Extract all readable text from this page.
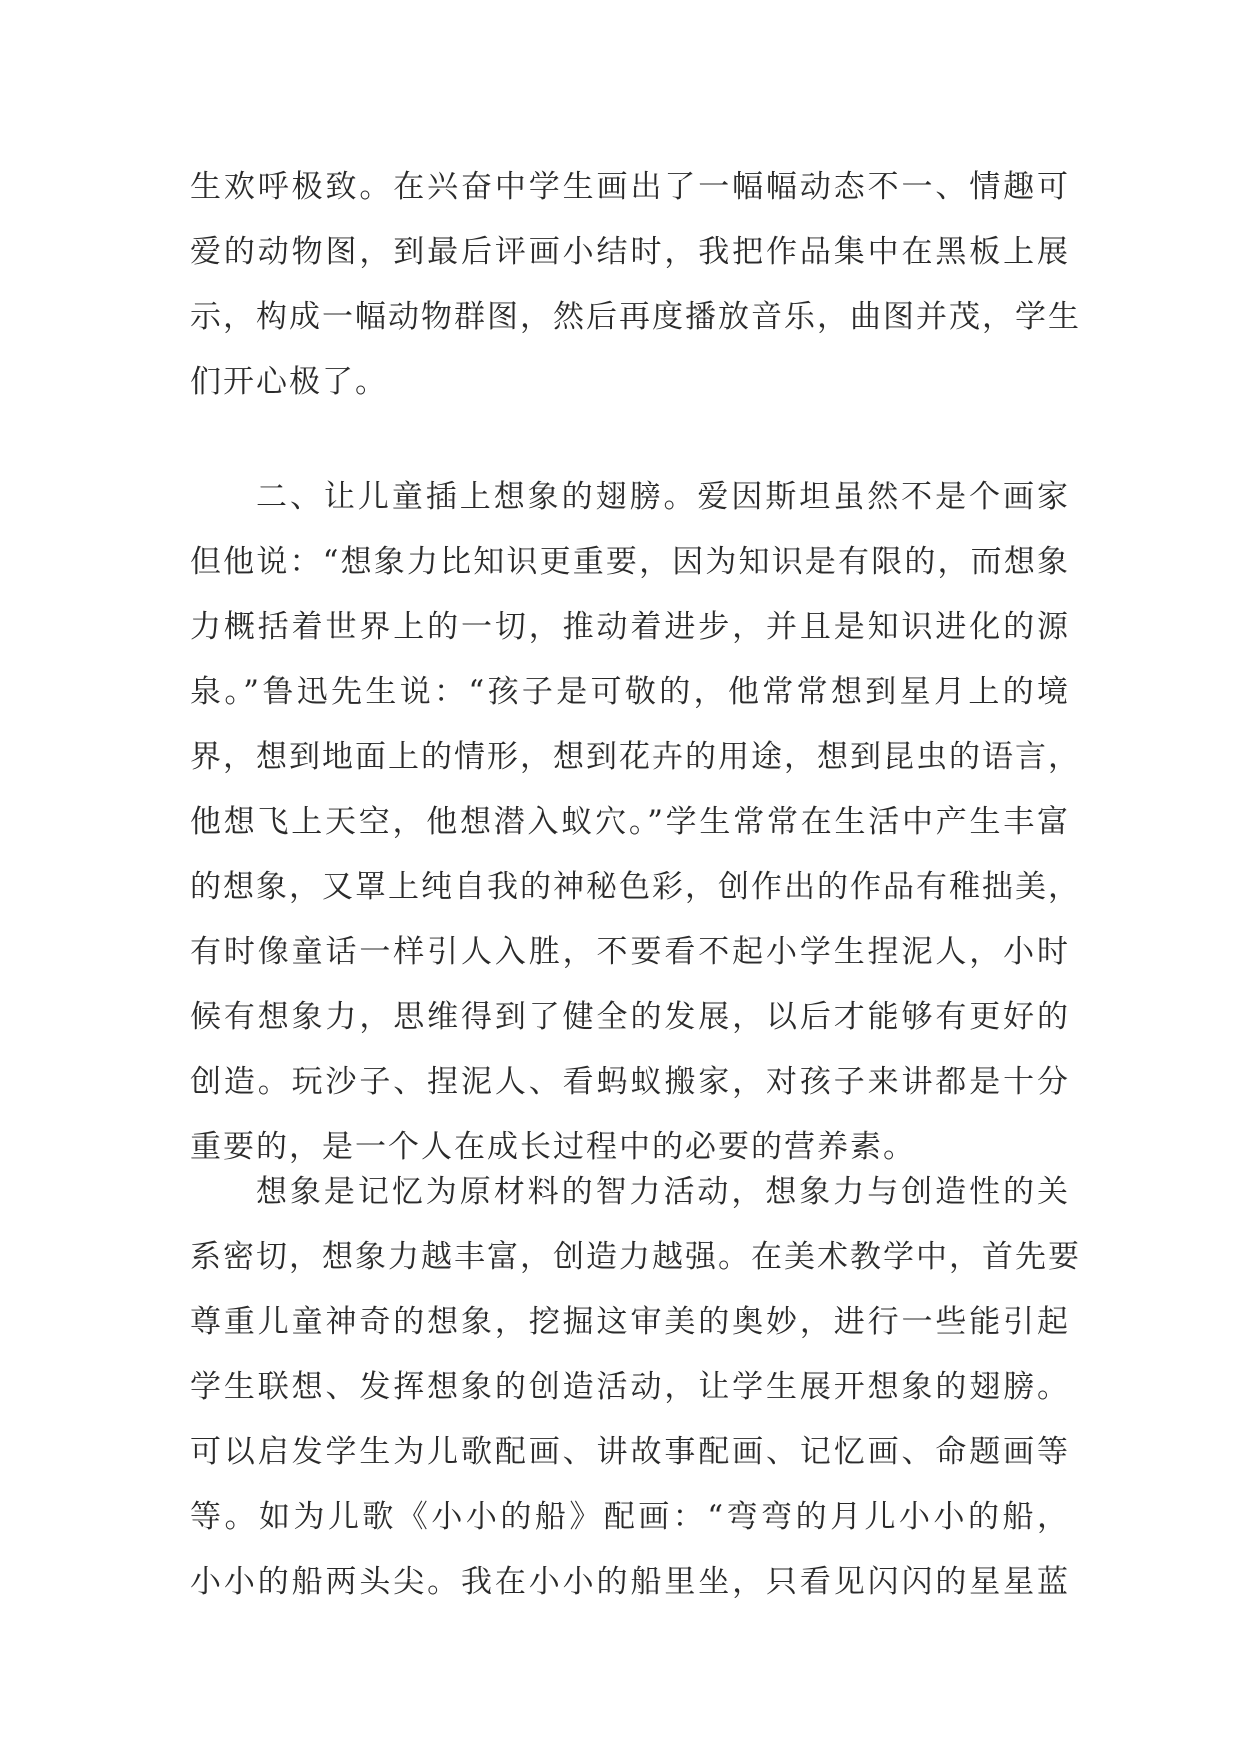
生欢呼极致。在兴奋中学生画出了一幅幅动态不一、情趣可
爱的动物图，到最后评画小结时，我把作品集中在黑板上展
示，构成一幅动物群图，然后再度播放音乐，曲图并茂，学生
们开心极了。
二、让儿童插上想象的翅膀。爱因斯坦虽然不是个画家
但他说：“想象力比知识更重要，因为知识是有限的，而想象
力概括着世界上的一切，推动着进步，并且是知识进化的源
泉。”鲁迅先生说：“孩子是可敬的，他常常想到星月上的境
界，想到地面上的情形，想到花卉的用途，想到昆虫的语言，
他想飞上天空，他想潜入蚁穴。”学生常常在生活中产生丰富
的想象，又罩上纯自我的神秘色彩，创作出的作品有稚拙美，
有时像童话一样引人入胜，不要看不起小学生捏泥人，小时
候有想象力，思维得到了健全的发展，以后才能够有更好的
创造。玩沙子、捏泥人、看蚂蚁搬家，对孩子来讲都是十分
重要的，是一个人在成长过程中的必要的营养素。
想象是记忆为原材料的智力活动，想象力与创造性的关
系密切，想象力越丰富，创造力越强。在美术教学中，首先要
尊重儿童神奇的想象，挖掘这审美的奥妙，进行一些能引起
学生联想、发挥想象的创造活动，让学生展开想象的翅膀。
可以启发学生为儿歌配画、讲故事配画、记忆画、命题画等
等。如为儿歌《小小的船》配画：“弯弯的月儿小小的船，
小小的船两头尖。我在小小的船里坐，只看见闪闪的星星蓝
